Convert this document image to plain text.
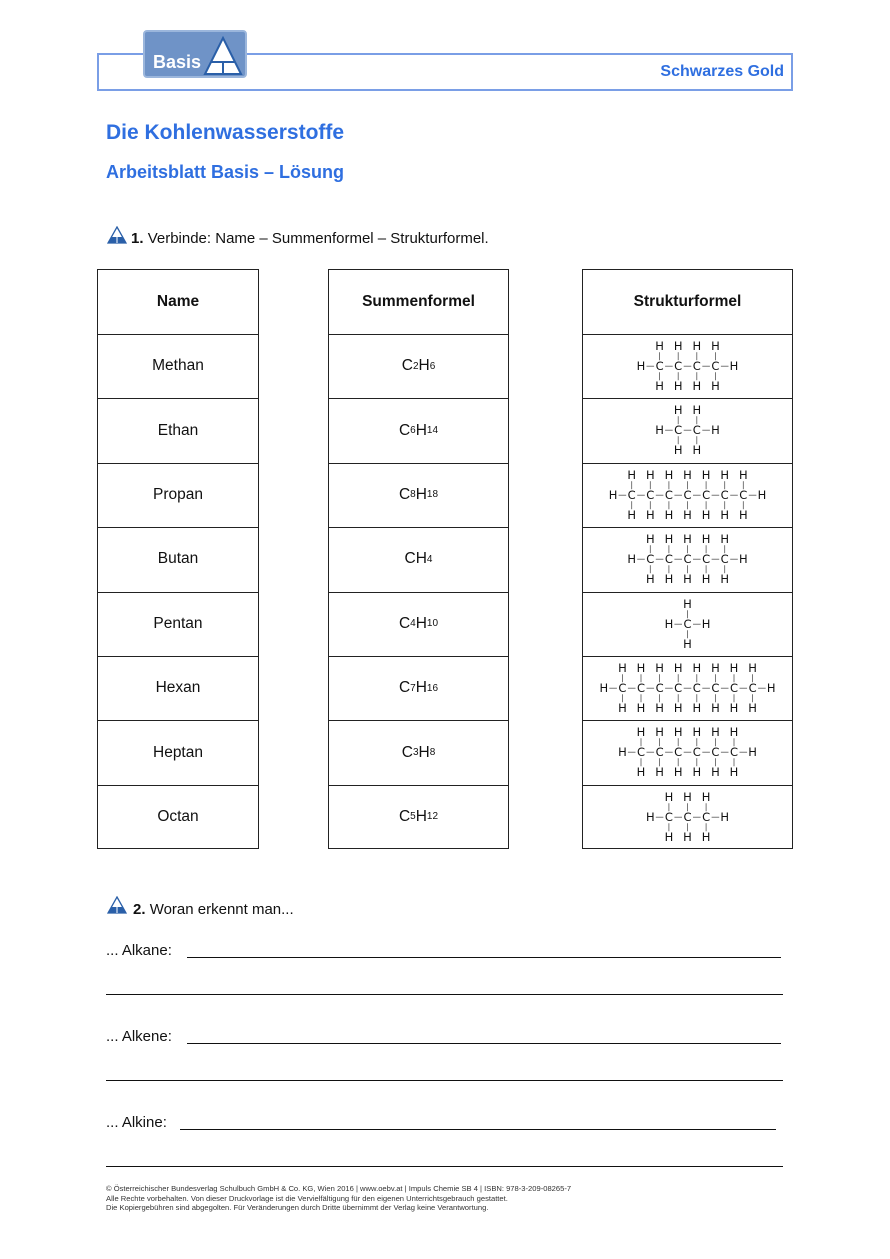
Basis	Schwarzes Gold
Die Kohlenwasserstoffe
Arbeitsblatt Basis – Lösung
1. Verbinde: Name – Summenformel – Strukturformel.
Name
Methan
Ethan
Propan
Butan
Pentan
Hexan
Heptan
Octan
Summenformel
C 2 H 6
C 6 H 14
C 8 H 18
CH 4
C 4 H 10
C 7 H 16
C 3 H 8
C 5 H 12
Strukturformel
H C
H
H
C
H
H
C
H
H
C
H
H
H
H C
H
H
C
H
H
H
H C
H
H
C
H
H
C
H
H
C
H
H
C
H
H
C
H
H
C
H
H
H
H C
H
H
C
H
H
C
H
H
C
H
H
C
H
H
H
H C
H
H
H
H C
H
H
C
H
H
C
H
H
C
H
H
C
H
H
C
H
H
C
H
H
C
H
H
H
H C
H
H
C
H
H
C
H
H
C
H
H
C
H
H
C
H
H
H
H C
H
H
C
H
H
C
H
H
H
2. Woran erkennt man...
... Alkane:
... Alkene:
... Alkine:
© Österreichischer Bundesverlag Schulbuch GmbH & Co. KG, Wien 2016 | www.oebv.at | Impuls Chemie SB 4 | ISBN: 978-3-209-08265-7
Alle Rechte vorbehalten. Von dieser Druckvorlage ist die Vervielfältigung für den eigenen Unterrichtsgebrauch gestattet.
Die Kopiergebühren sind abgegolten. Für Veränderungen durch Dritte übernimmt der Verlag keine Verantwortung.
